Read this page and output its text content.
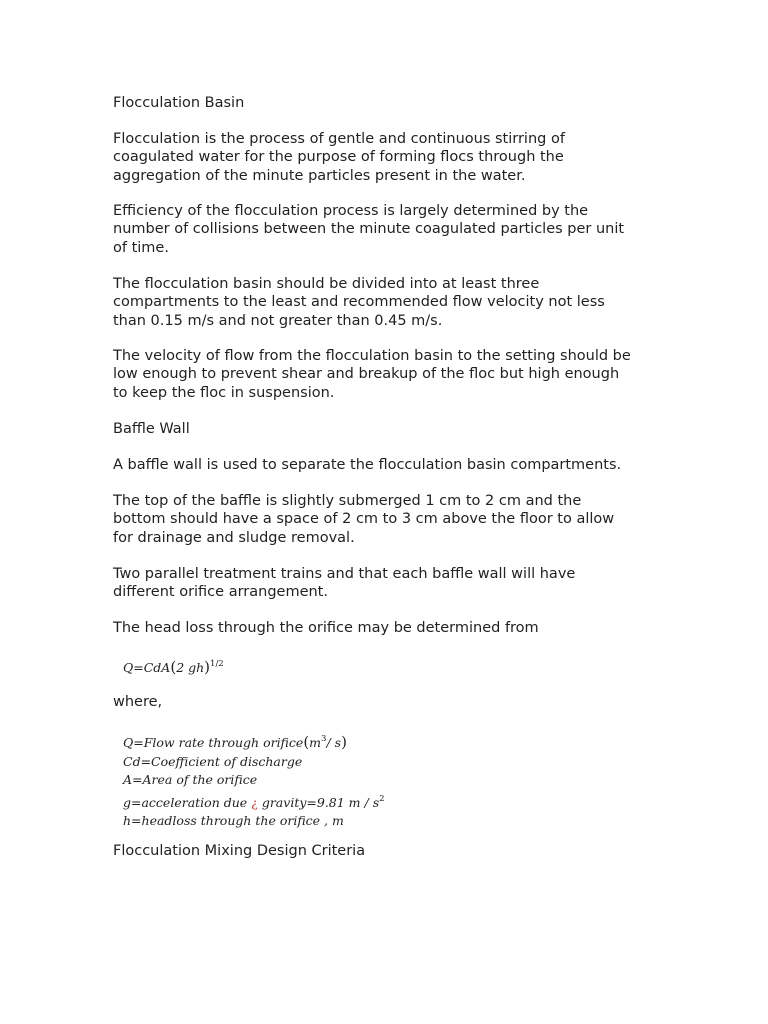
Flocculation Basin

Flocculation is the process of gentle and continuous stirring of
coagulated water for the purpose of forming flocs through the
aggregation of the minute particles present in the water.

Efficiency of the flocculation process is largely determined by the
number of collisions between the minute coagulated particles per unit
of time.

The flocculation basin should be divided into at least three
compartments to the least and recommended flow velocity not less
than 0.15 m/s and not greater than 0.45 m/s.

The velocity of flow from the flocculation basin to the setting should be
low enough to prevent shear and breakup of the floc but high enough
to keep the floc in suspension.

Baffle Wall

A baffle wall is used to separate the flocculation basin compartments.

The top of the baffle is slightly submerged 1 cm to 2 cm and the
bottom should have a space of 2 cm to 3 cm above the floor to allow
for drainage and sludge removal.

Two parallel treatment trains and that each baffle wall will have
different orifice arrangement.

The head loss through the orifice may be determined from

Q=CdA(2 gh)$^{1/2}$

where,

Q=Flow rate through $orifice(m^3/$ s)
Cd=Coefficient of discharge
A=Area of the orifice
g=acceleration due ¿ gravity=9.81 m / $s^2$
h=headloss through the orifice , m

Flocculation Mixing Design Criteria
